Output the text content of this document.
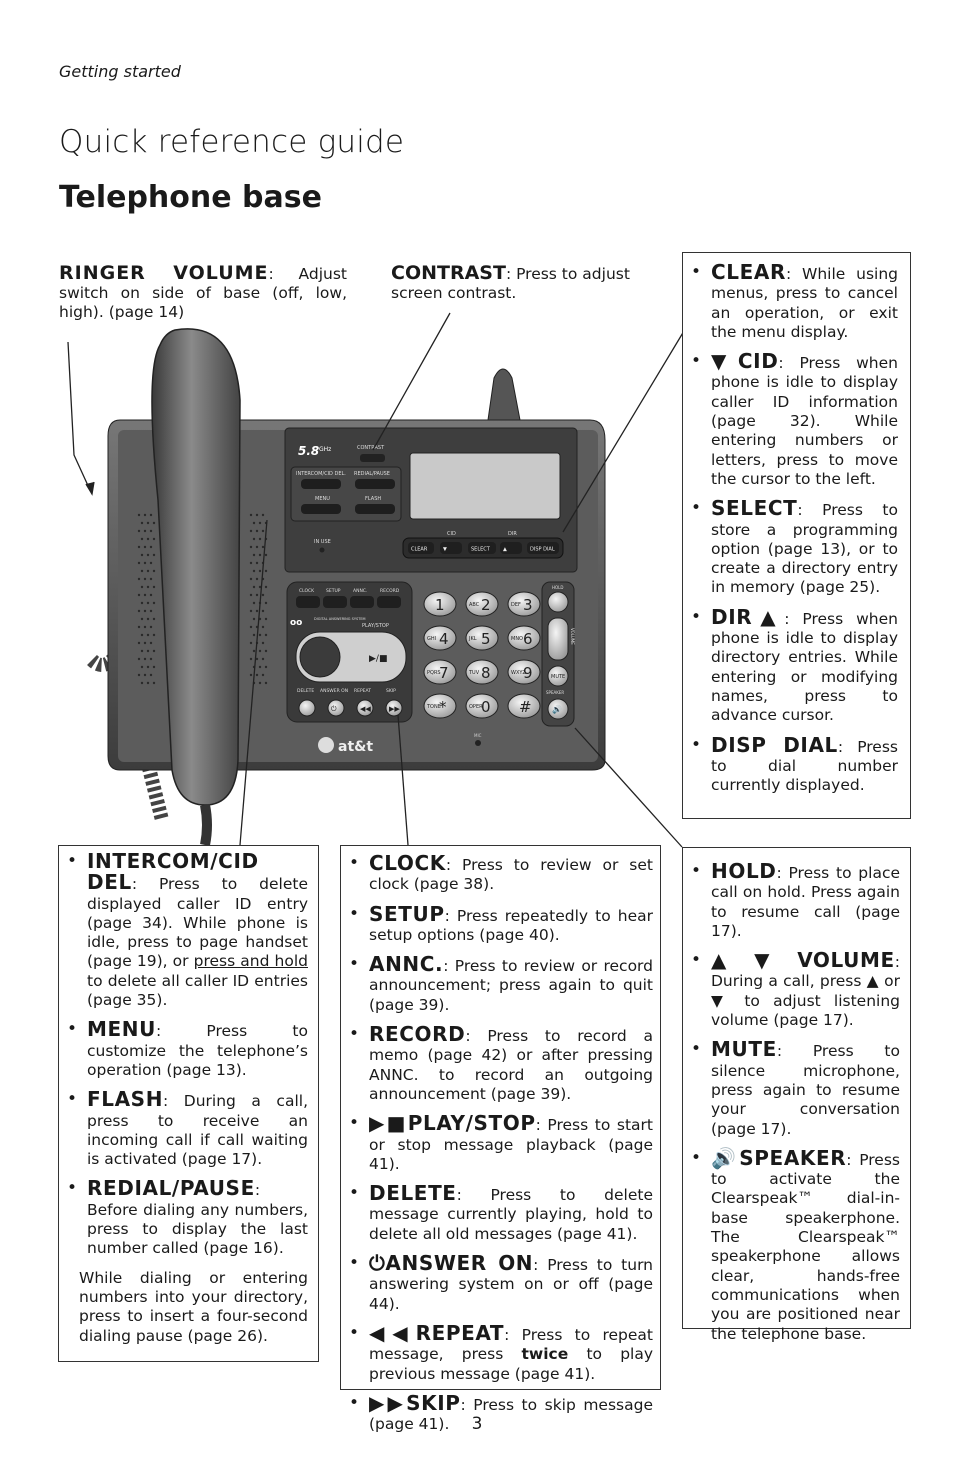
Getting started
Quick reference guide
Telephone base
RINGER VOLUME: Adjust switch on side of base (off, low, high). (page 14)
CONTRAST: Press to adjust screen contrast.
5.8 GHz	CONTRAST
INTERCOM/CID DEL. REDIAL/PAUSE
MENU	FLASH
IN USE
CID	DIR
CLEAR	▼	SELECT	▲	DISP DIAL
CLOCK	SETUP	ANNC.	RECORD
oo	DIGITAL ANSWERING SYSTEM
PLAY/STOP
▶/■
DELETE ANSWER ON
⏻
REPEAT
◀◀
SKIP
▶▶
1	ABC 2	DEF 3
GHI 4	JKL 5	MNO 6
PQRS
7	TUV 8	WXYZ
9
TONE
*	OPER
0 #
HOLD
VOLUME
MUTE
SPEAKER
🔊
at&t
MIC
• CLEAR: While using menus, press to cancel an operation, or exit the menu display.
• ▼CID: Press when phone is idle to display caller ID information (page 32). While entering numbers or letters, press to move the cursor to the left.
• SELECT: Press to store a programming option (page 13), or to create a directory entry in memory (page 25).
• DIR▲: Press when phone is idle to display directory entries. While entering or modifying names, press to advance cursor.
• DISP DIAL: Press to dial number currently displayed.
• INTERCOM/CID DEL: Press to delete displayed caller ID entry (page 34). While phone is idle, press to page handset (page 19), or press and hold to delete all caller ID entries (page 35).
• MENU: Press to customize the telephone’s operation (page 13).
• FLASH: During a call, press to receive an incoming call if call waiting is activated (page 17).
• REDIAL/PAUSE: Before dialing any numbers, press to display the last number called (page 16).

While dialing or entering numbers into your directory, press to insert a four-second dialing pause (page 26).

• CLOCK: Press to review or set clock (page 38).
• SETUP: Press repeatedly to hear setup options (page 40).
• ANNC.: Press to review or record announcement; press again to quit (page 39).
• RECORD: Press to record a memo (page 42) or after pressing ANNC. to record an outgoing announcement (page 39).
• ▶■PLAY/STOP: Press to start or stop message playback (page 41).
• DELETE: Press to delete message currently playing, hold to delete all old messages (page 41).
• ⏻ANSWER ON: Press to turn answering system on or off (page 44).
• ◀◀REPEAT: Press to repeat message, press twice to play previous message (page 41).
• ▶▶SKIP: Press to skip message (page 41).
• HOLD: Press to place call on hold. Press again to resume call (page 17).
• ▲▼VOLUME: During a call, press ▲ or ▼ to adjust listening volume (page 17).
• MUTE: Press to silence microphone, press again to resume your conversation (page 17).
• 🔊SPEAKER: Press to activate the Clearspeak™ dial-in-base speakerphone. The Clearspeak™ speakerphone allows clear, hands-free communications when you are positioned near the telephone base.
3
